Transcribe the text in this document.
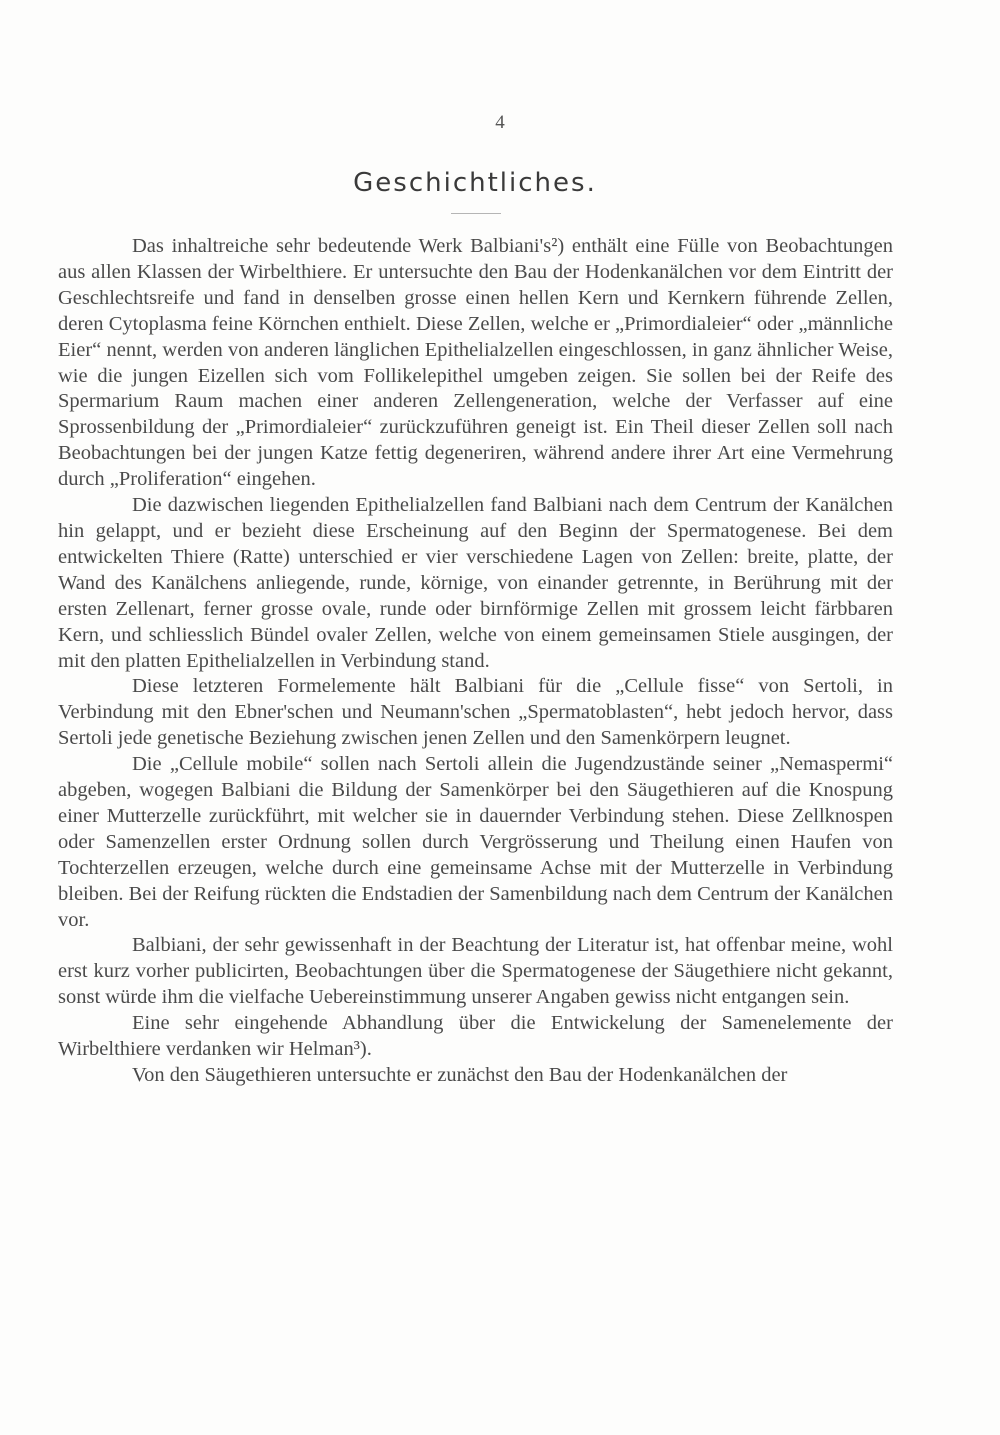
4
Geschichtliches.

Das inhaltreiche sehr bedeutende Werk Balbiani's²) enthält eine Fülle von Beobachtungen aus allen Klassen der Wirbelthiere. Er untersuchte den Bau der Hodenkanälchen vor dem Eintritt der Geschlechtsreife und fand in denselben grosse einen hellen Kern und Kernkern führende Zellen, deren Cytoplasma feine Körnchen enthielt. Diese Zellen, welche er „Primordialeier“ oder „männliche Eier“ nennt, werden von anderen länglichen Epithelialzellen eingeschlossen, in ganz ähnlicher Weise, wie die jungen Eizellen sich vom Follikelepithel umgeben zeigen. Sie sollen bei der Reife des Spermarium Raum machen einer anderen Zellengeneration, welche der Verfasser auf eine Sprossenbildung der „Primordialeier“ zurückzuführen geneigt ist. Ein Theil dieser Zellen soll nach Beobachtungen bei der jungen Katze fettig degeneriren, während andere ihrer Art eine Vermehrung durch „Proliferation“ eingehen.

Die dazwischen liegenden Epithelialzellen fand Balbiani nach dem Centrum der Kanälchen hin gelappt, und er bezieht diese Erscheinung auf den Beginn der Spermatogenese. Bei dem entwickelten Thiere (Ratte) unterschied er vier verschiedene Lagen von Zellen: breite, platte, der Wand des Kanälchens anliegende, runde, körnige, von einander getrennte, in Berührung mit der ersten Zellenart, ferner grosse ovale, runde oder birnförmige Zellen mit grossem leicht färbbaren Kern, und schliesslich Bündel ovaler Zellen, welche von einem gemeinsamen Stiele ausgingen, der mit den platten Epithelialzellen in Verbindung stand.

Diese letzteren Formelemente hält Balbiani für die „Cellule fisse“ von Sertoli, in Verbindung mit den Ebner'schen und Neumann'schen „Spermatoblasten“, hebt jedoch hervor, dass Sertoli jede genetische Beziehung zwischen jenen Zellen und den Samenkörpern leugnet.

Die „Cellule mobile“ sollen nach Sertoli allein die Jugendzustände seiner „Nemaspermi“ abgeben, wogegen Balbiani die Bildung der Samenkörper bei den Säugethieren auf die Knospung einer Mutterzelle zurückführt, mit welcher sie in dauernder Verbindung stehen. Diese Zellknospen oder Samenzellen erster Ordnung sollen durch Vergrösserung und Theilung einen Haufen von Tochterzellen erzeugen, welche durch eine gemeinsame Achse mit der Mutterzelle in Verbindung bleiben. Bei der Reifung rückten die Endstadien der Samenbildung nach dem Centrum der Kanälchen vor.

Balbiani, der sehr gewissenhaft in der Beachtung der Literatur ist, hat offenbar meine, wohl erst kurz vorher publicirten, Beobachtungen über die Spermatogenese der Säugethiere nicht gekannt, sonst würde ihm die vielfache Uebereinstimmung unserer Angaben gewiss nicht entgangen sein.

Eine sehr eingehende Abhandlung über die Entwickelung der Samenelemente der Wirbelthiere verdanken wir Helman³).

Von den Säugethieren untersuchte er zunächst den Bau der Hodenkanälchen der
